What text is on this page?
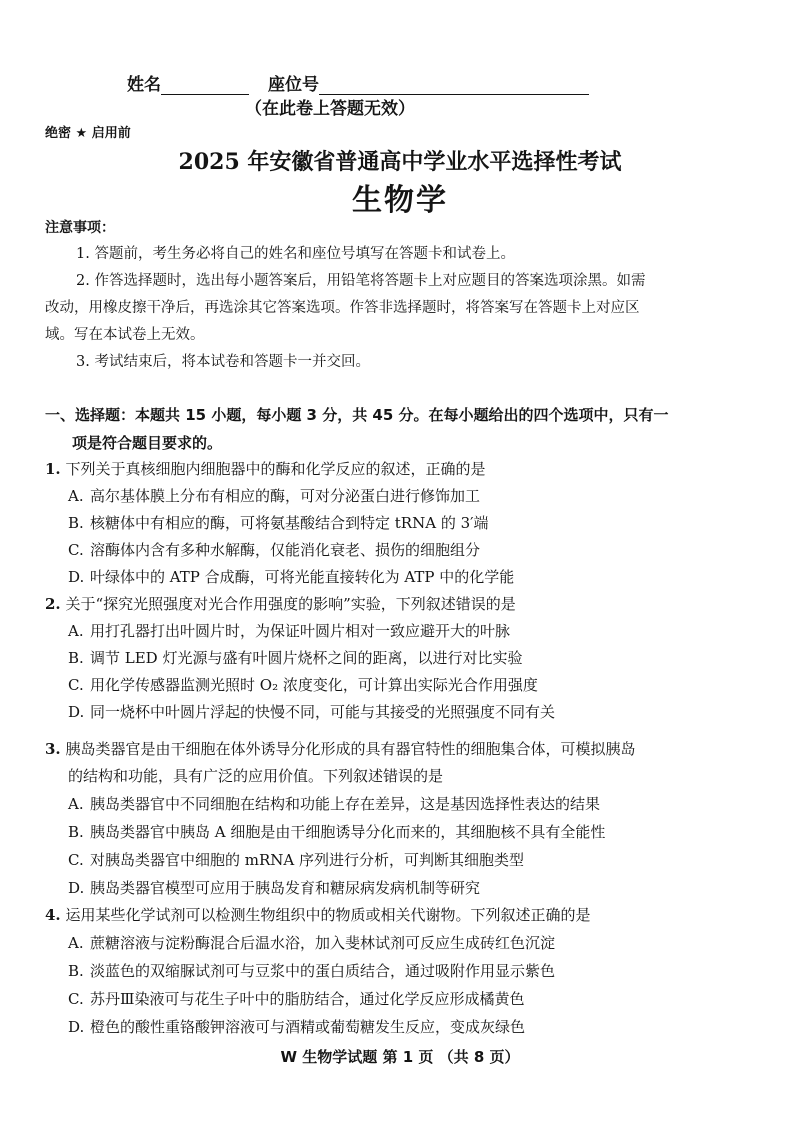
姓名	座位号
（在此卷上答题无效）
绝密 ★ 启用前
2025 年安徽省普通高中学业水平选择性考试
生物学
注意事项：
1. 答题前，考生务必将自己的姓名和座位号填写在答题卡和试卷上。
2. 作答选择题时，选出每小题答案后，用铅笔将答题卡上对应题目的答案选项涂黑。如需
改动，用橡皮擦干净后，再选涂其它答案选项。作答非选择题时，将答案写在答题卡上对应区
域。写在本试卷上无效。
3. 考试结束后，将本试卷和答题卡一并交回。
一、选择题：本题共 15 小题，每小题 3 分，共 45 分。在每小题给出的四个选项中，只有一
项是符合题目要求的。
1. 下列关于真核细胞内细胞器中的酶和化学反应的叙述，正确的是
A. 高尔基体膜上分布有相应的酶，可对分泌蛋白进行修饰加工
B. 核糖体中有相应的酶，可将氨基酸结合到特定 tRNA 的 3′端
C. 溶酶体内含有多种水解酶，仅能消化衰老、损伤的细胞组分
D. 叶绿体中的 ATP 合成酶，可将光能直接转化为 ATP 中的化学能
2. 关于“探究光照强度对光合作用强度的影响”实验，下列叙述错误的是
A. 用打孔器打出叶圆片时，为保证叶圆片相对一致应避开大的叶脉
B. 调节 LED 灯光源与盛有叶圆片烧杯之间的距离，以进行对比实验
C. 用化学传感器监测光照时 O₂ 浓度变化，可计算出实际光合作用强度
D. 同一烧杯中叶圆片浮起的快慢不同，可能与其接受的光照强度不同有关
3. 胰岛类器官是由干细胞在体外诱导分化形成的具有器官特性的细胞集合体，可模拟胰岛
的结构和功能，具有广泛的应用价值。下列叙述错误的是
A. 胰岛类器官中不同细胞在结构和功能上存在差异，这是基因选择性表达的结果
B. 胰岛类器官中胰岛 A 细胞是由干细胞诱导分化而来的，其细胞核不具有全能性
C. 对胰岛类器官中细胞的 mRNA 序列进行分析，可判断其细胞类型
D. 胰岛类器官模型可应用于胰岛发育和糖尿病发病机制等研究
4. 运用某些化学试剂可以检测生物组织中的物质或相关代谢物。下列叙述正确的是
A. 蔗糖溶液与淀粉酶混合后温水浴，加入斐林试剂可反应生成砖红色沉淀
B. 淡蓝色的双缩脲试剂可与豆浆中的蛋白质结合，通过吸附作用显示紫色
C. 苏丹Ⅲ染液可与花生子叶中的脂肪结合，通过化学反应形成橘黄色
D. 橙色的酸性重铬酸钾溶液可与酒精或葡萄糖发生反应，变成灰绿色
W 生物学试题 第 1 页 （共 8 页）
